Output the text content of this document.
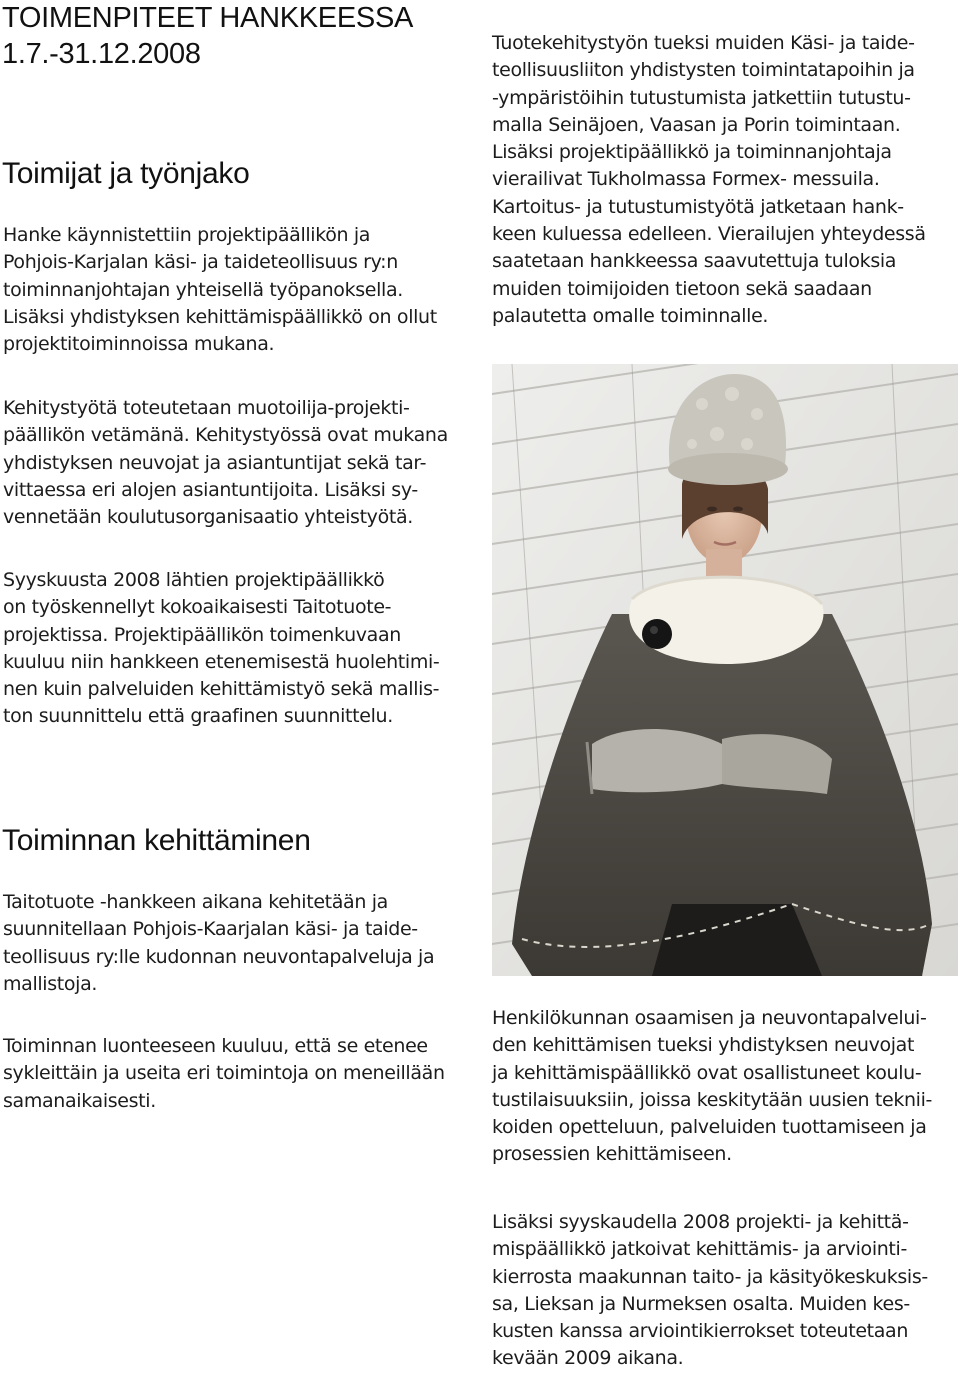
TOIMENPITEET HANKKEESSA
1.7.-31.12.2008
Toimijat ja työnjako

Hanke käynnistettiin projektipäällikön ja
Pohjois-Karjalan käsi- ja taideteollisuus ry:n
toiminnanjohtajan yhteisellä työpanoksella.
Lisäksi yhdistyksen kehittämispäällikkö on ollut
projektitoiminnoissa mukana.

Kehitystyötä toteutetaan muotoilija-projekti-
päällikön vetämänä. Kehitystyössä ovat mukana
yhdistyksen neuvojat ja asiantuntijat sekä tar-
vittaessa eri alojen asiantuntijoita. Lisäksi sy-
vennetään koulutusorganisaatio yhteistyötä.

Syyskuusta 2008 lähtien projektipäällikkö
on työskennellyt kokoaikaisesti Taitotuote-
projektissa. Projektipäällikön toimenkuvaan
kuuluu niin hankkeen etenemisestä huolehtimi-
nen kuin palveluiden kehittämistyö sekä mallis-
ton suunnittelu että graafinen suunnittelu.

Toiminnan kehittäminen

Taitotuote -hankkeen aikana kehitetään ja
suunnitellaan Pohjois-Kaarjalan käsi- ja taide-
teollisuus ry:lle kudonnan neuvontapalveluja ja
mallistoja.

Toiminnan luonteeseen kuuluu, että se etenee
sykleittäin ja useita eri toimintoja on meneillään
samanaikaisesti.

Tuotekehitystyön tueksi muiden Käsi- ja taide-
teollisuusliiton yhdistysten toimintatapoihin ja
-ympäristöihin tutustumista jatkettiin tutustu-
malla Seinäjoen, Vaasan ja Porin toimintaan.
Lisäksi projektipäällikkö ja toiminnanjohtaja
vierailivat Tukholmassa Formex- messuila.
Kartoitus- ja tutustumistyötä jatketaan hank-
keen kuluessa edelleen. Vierailujen yhteydessä
saatetaan hankkeessa saavutettuja tuloksia
muiden toimijoiden tietoon sekä saadaan
palautetta omalle toiminnalle.

Henkilökunnan osaamisen ja neuvontapalvelui-
den kehittämisen tueksi yhdistyksen neuvojat
ja kehittämispäällikkö ovat osallistuneet koulu-
tustilaisuuksiin, joissa keskitytään uusien teknii-
koiden opetteluun, palveluiden tuottamiseen ja
prosessien kehittämiseen.

Lisäksi syyskaudella 2008 projekti- ja kehittä-
mispäällikkö jatkoivat kehittämis- ja arviointi-
kierrosta maakunnan taito- ja käsityökeskuksis-
sa, Lieksan ja Nurmeksen osalta. Muiden kes-
kusten kanssa arviointikierrokset toteutetaan
kevään 2009 aikana.
